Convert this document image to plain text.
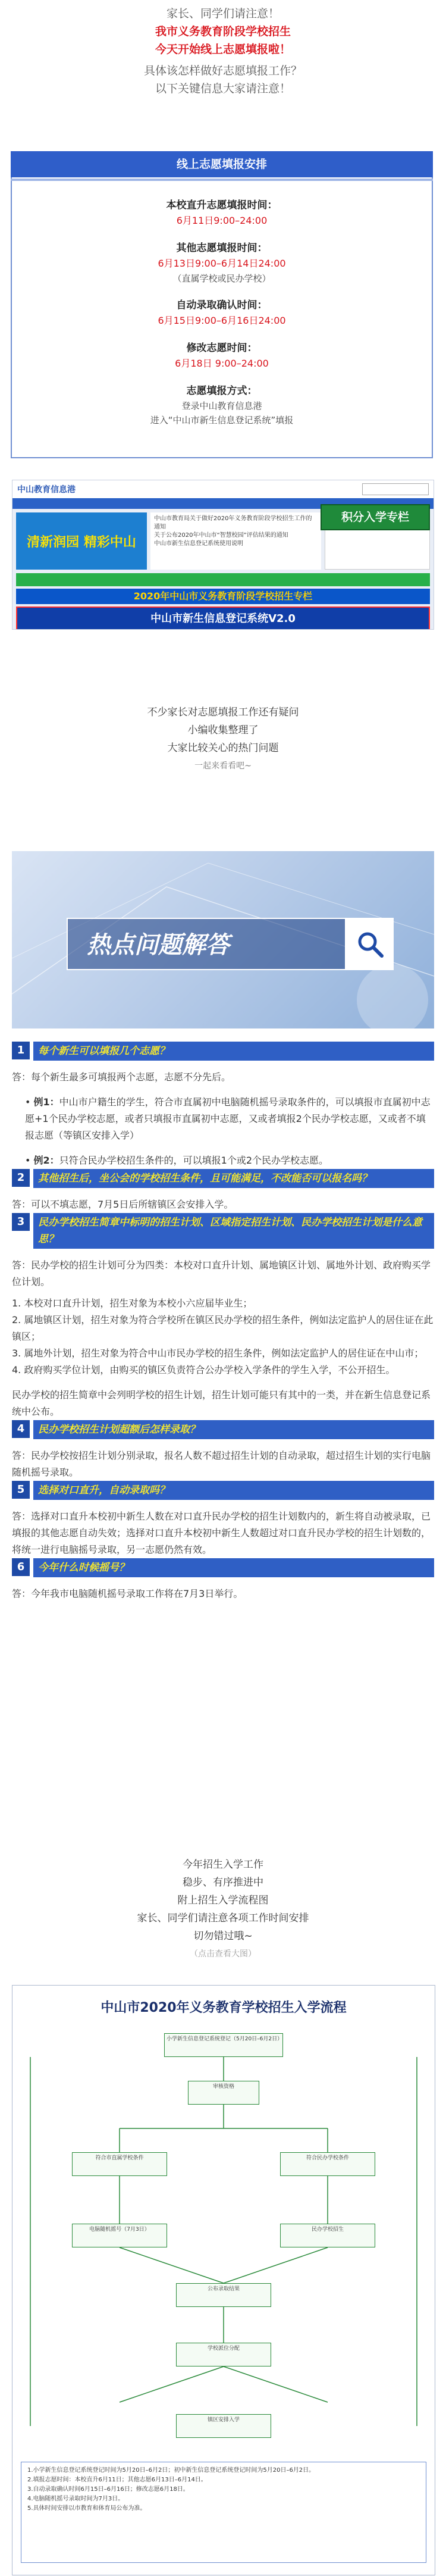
家长、同学们请注意！

我市义务教育阶段学校招生

今天开始线上志愿填报啦！

具体该怎样做好志愿填报工作？

以下关键信息大家请注意！

线上志愿填报安排

本校直升志愿填报时间：

6月11日9:00–24:00

其他志愿填报时间：

6月13日9:00–6月14日24:00

（直属学校或民办学校）

自动录取确认时间：

6月15日9:00–6月16日24:00

修改志愿时间：

6月18日 9:00–24:00

志愿填报方式：

登录中山教育信息港

进入“中山市新生信息登记系统”填报

中山教育信息港
积分入学专栏
清新润园 精彩中山
中山市教育局关于做好2020年义务教育阶段学校招生工作的通知
关于公布2020年中山市“智慧校园”评估结果的通知
中山市新生信息登记系统使用说明
2020年中山市义务教育阶段学校招生专栏
中山市新生信息登记系统V2.0

不少家长对志愿填报工作还有疑问

小编收集整理了

大家比较关心的热门问题

一起来看看吧~

热点问题解答
1	每个新生可以填报几个志愿？

答：每个新生最多可填报两个志愿，志愿不分先后。

• 例1：中山市户籍生的学生，符合市直属初中电脑随机摇号录取条件的，可以填报市直属初中志愿+1个民办学校志愿，或者只填报市直属初中志愿，又或者填报2个民办学校志愿，又或者不填报志愿（等镇区安排入学）

• 例2：只符合民办学校招生条件的，可以填报1个或2个民办学校志愿。

2	其他招生后，坐公会的学校招生条件，且可能满足，不改能否可以报名吗？

答：可以不填志愿，7月5日后所辖镇区会安排入学。

3	民办学校招生简章中标明的招生计划、区域指定招生计划、民办学校招生计划是什么意思？

答：民办学校的招生计划可分为四类：本校对口直升计划、属地镇区计划、属地外计划、政府购买学位计划。

1. 本校对口直升计划，招生对象为本校小六应届毕业生；

2. 属地镇区计划，招生对象为符合学校所在镇区民办学校的招生条件，例如法定监护人的居住证在此镇区；

3. 属地外计划，招生对象为符合中山市民办学校的招生条件，例如法定监护人的居住证在中山市；

4. 政府购买学位计划，由购买的镇区负责符合公办学校入学条件的学生入学，不公开招生。

民办学校的招生简章中会列明学校的招生计划，招生计划可能只有其中的一类，并在新生信息登记系统中公布。

4	民办学校招生计划超额后怎样录取？

答：民办学校按招生计划分别录取，报名人数不超过招生计划的自动录取，超过招生计划的实行电脑随机摇号录取。

5	选择对口直升，自动录取吗？

答：选择对口直升本校初中新生人数在对口直升民办学校的招生计划数内的，新生将自动被录取，已填报的其他志愿自动失效；选择对口直升本校初中新生人数超过对口直升民办学校的招生计划数的，将统一进行电脑摇号录取，另一志愿仍然有效。

6	今年什么时候摇号？

答：今年我市电脑随机摇号录取工作将在7月3日举行。

今年招生入学工作

稳步、有序推进中

附上招生入学流程图

家长、同学们请注意各项工作时间安排

切勿错过哦~

（点击查看大图）

中山市2020年义务教育学校招生入学流程
小学新生信息登记系统登记（5月20日–6月2日）
审核资格
符合市直属学校条件	符合民办学校条件
民办学校招生
电脑随机摇号（7月3日）
公布录取结果
学校派位分配
镇区安排入学
1.小学新生信息登记系统登记时间为5月20日–6月2日；初中新生信息登记系统登记时间为5月20日–6月2日。
2.填报志愿时间：本校直升6月11日；其他志愿6月13日–6月14日。
3.自动录取确认时间6月15日–6月16日；修改志愿6月18日。
4.电脑随机摇号录取时间为7月3日。
5.具体时间安排以市教育和体育局公布为准。
